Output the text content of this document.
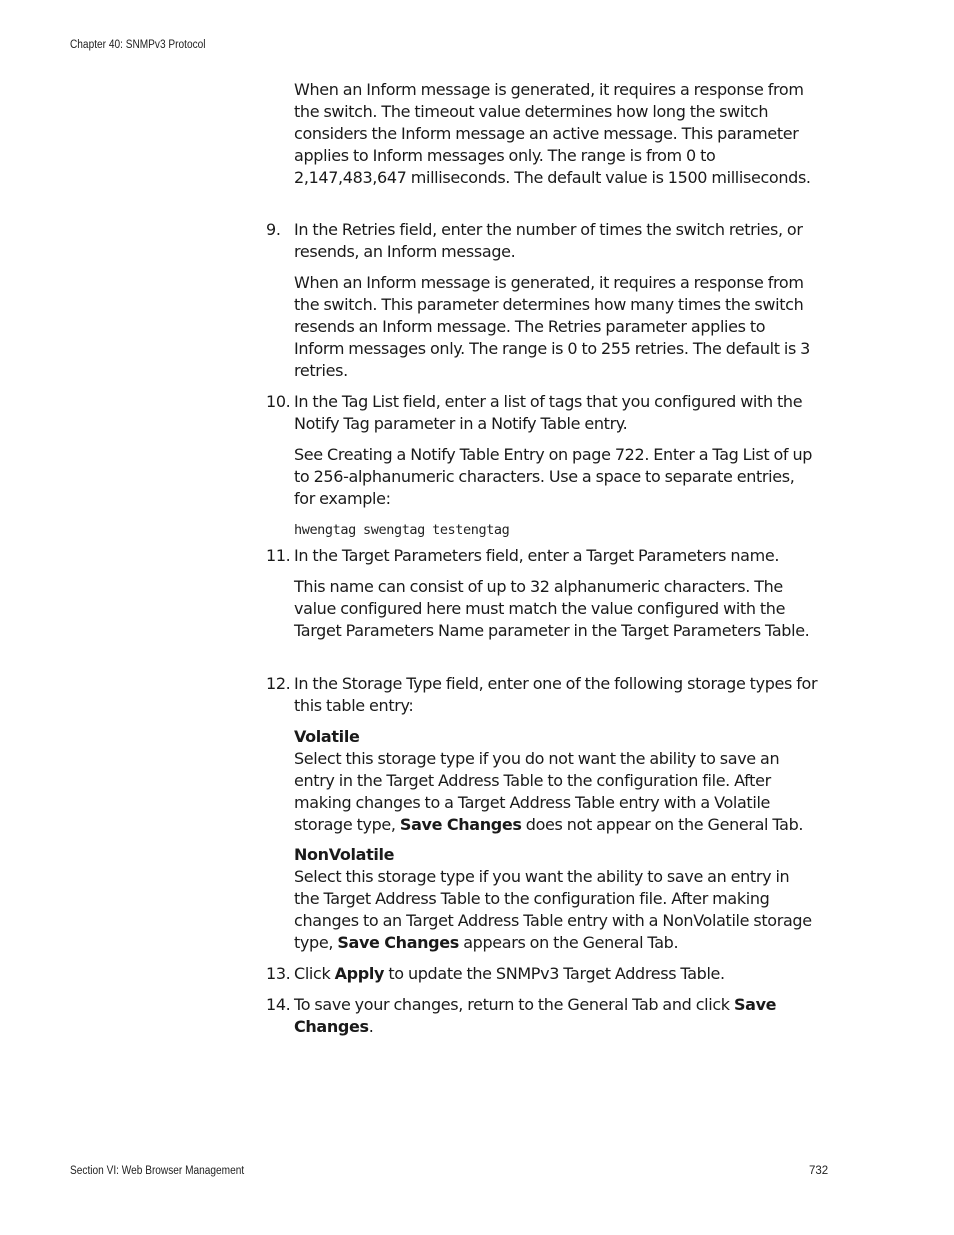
Chapter 40: SNMPv3 Protocol

When an Inform message is generated, it requires a response from the switch. The timeout value determines how long the switch considers the Inform message an active message. This parameter applies to Inform messages only. The range is from 0 to 2,147,483,647 milliseconds. The default value is 1500 milliseconds.

9. In the Retries field, enter the number of times the switch retries, or resends, an Inform message.

When an Inform message is generated, it requires a response from the switch. This parameter determines how many times the switch resends an Inform message. The Retries parameter applies to Inform messages only. The range is 0 to 255 retries. The default is 3 retries.

10. In the Tag List field, enter a list of tags that you configured with the Notify Tag parameter in a Notify Table entry.

See Creating a Notify Table Entry on page 722. Enter a Tag List of up to 256-alphanumeric characters. Use a space to separate entries, for example:

hwengtag swengtag testengtag

11. In the Target Parameters field, enter a Target Parameters name.

This name can consist of up to 32 alphanumeric characters. The value configured here must match the value configured with the Target Parameters Name parameter in the Target Parameters Table.

12. In the Storage Type field, enter one of the following storage types for this table entry:
Volatile
Select this storage type if you do not want the ability to save an entry in the Target Address Table to the configuration file. After making changes to a Target Address Table entry with a Volatile storage type, Save Changes does not appear on the General Tab.
NonVolatile
Select this storage type if you want the ability to save an entry in the Target Address Table to the configuration file. After making changes to an Target Address Table entry with a NonVolatile storage type, Save Changes appears on the General Tab.
13. Click Apply to update the SNMPv3 Target Address Table.
14. To save your changes, return to the General Tab and click Save Changes.
Section VI: Web Browser Management	732
